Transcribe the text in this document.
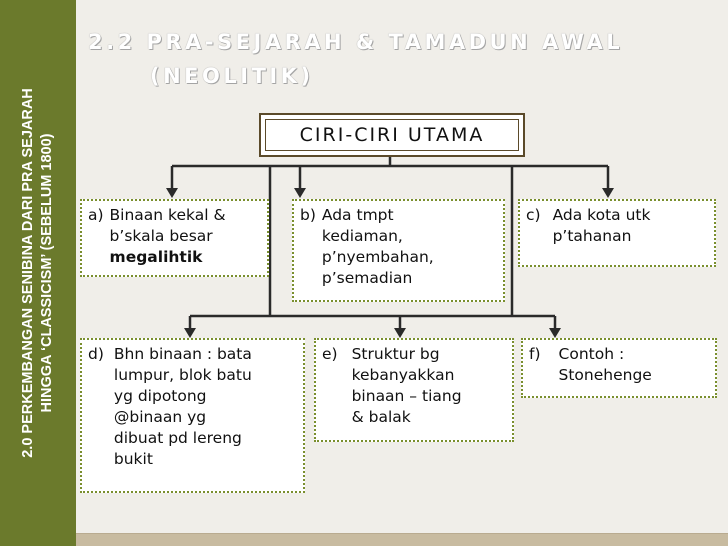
2.0 PERKEMBANGAN SENIBINA DARI PRA SEJARAH HINGGA ‘CLASSICISM’ (SEBELUM 1800)
2.2 PRA-SEJARAH & TAMADUN AWAL
(NEOLITIK)
CIRI-CIRI UTAMA
a) Binaan kekal &
b’skala besar
megalihtik
b) Ada tmpt
kediaman,
p’nyembahan,
p’semadian
c) Ada kota utk
p’tahanan
d) Bhn binaan : bata
lumpur, blok batu
yg dipotong
@binaan yg
dibuat pd lereng
bukit
e) Struktur bg
kebanyakkan
binaan – tiang
& balak
f) Contoh :
Stonehenge
